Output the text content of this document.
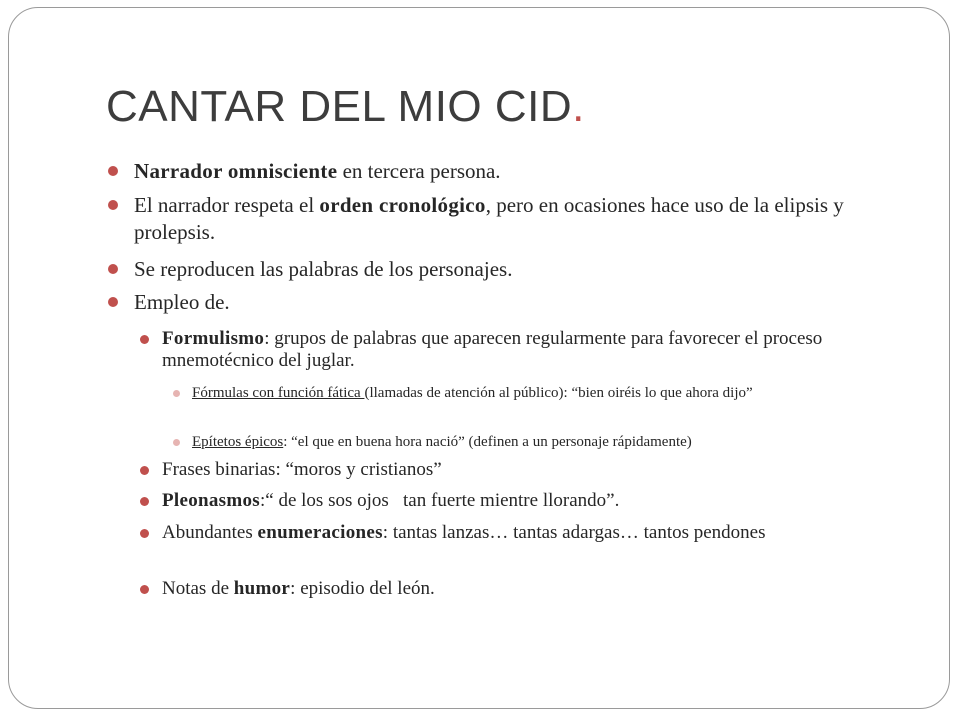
CANTAR DEL MIO CID.

Narrador omnisciente en tercera persona.

El narrador respeta el orden cronológico, pero en ocasiones hace uso de la elipsis y prolepsis.

Se reproducen las palabras de los personajes.

Empleo de.

Formulismo: grupos de palabras que aparecen regularmente para favorecer el proceso mnemotécnico del juglar.

Fórmulas con función fática (llamadas de atención al público): “bien oiréis lo que ahora dijo”

Epítetos épicos: “el que en buena hora nació” (definen a un personaje rápidamente)

Frases binarias: “moros y cristianos”

Pleonasmos:“ de los sos ojos   tan fuerte mientre llorando”.

Abundantes enumeraciones: tantas lanzas… tantas adargas… tantos pendones

Notas de humor: episodio del león.
